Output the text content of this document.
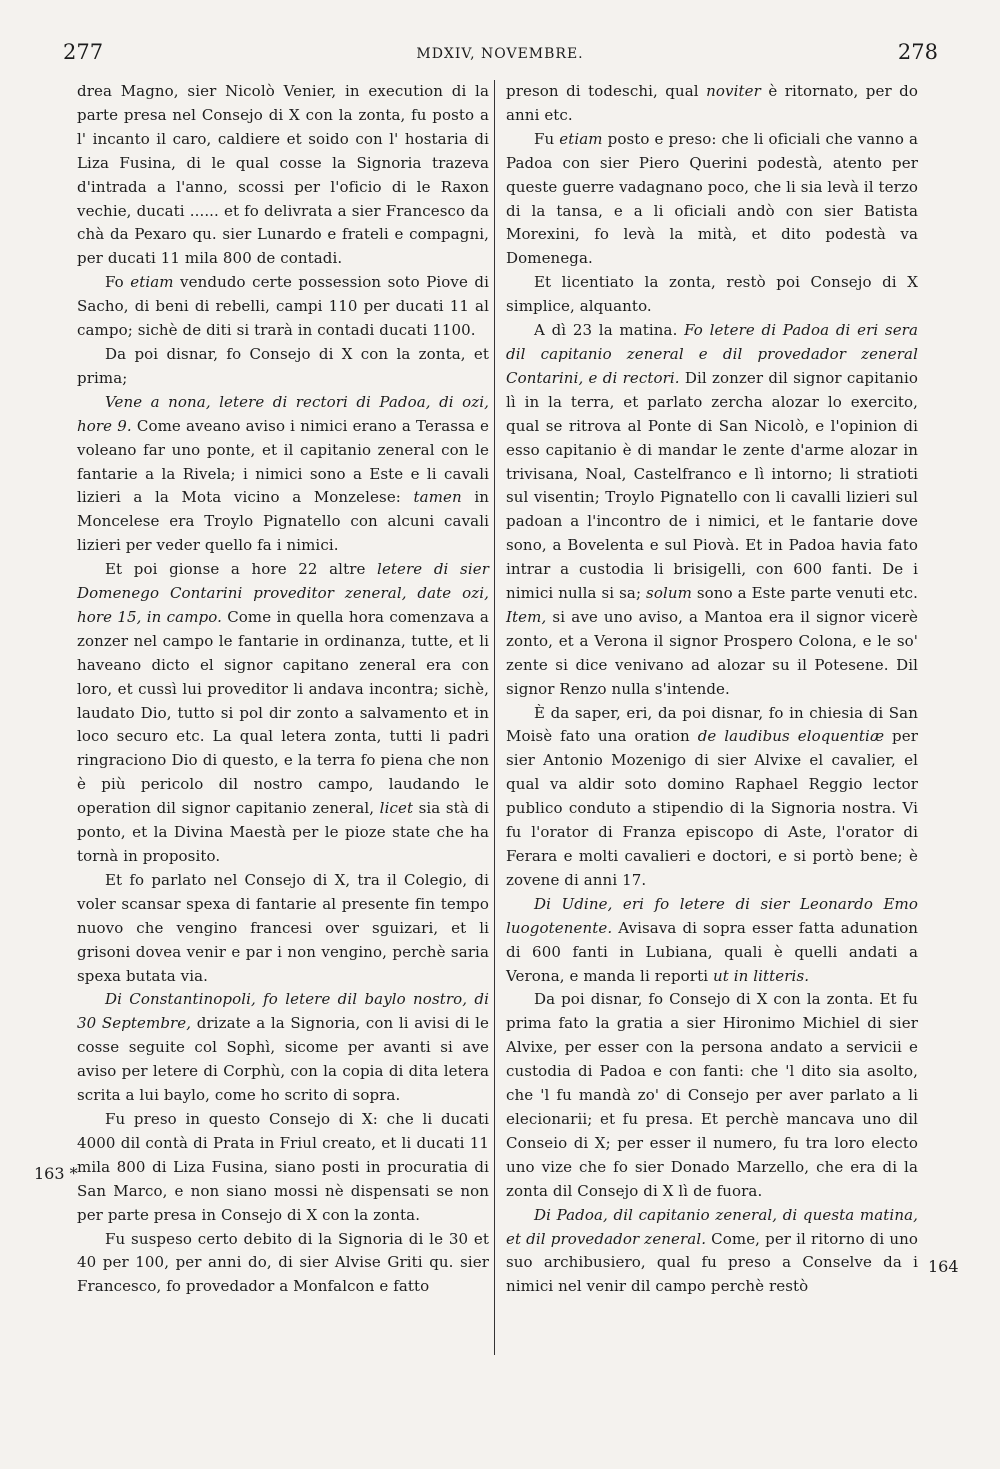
277	MDXIV, NOVEMBRE.	278

drea Magno, sier Nicolò Venier, in execution di la parte presa nel Consejo di X con la zonta, fu posto a l' incanto il caro, caldiere et soido con l' hostaria di Liza Fusina, di le qual cosse la Signoria trazeva d'intrada a l'anno, scossi per l'oficio di le Raxon vechie, ducati ...... et fo delivrata a sier Francesco da chà da Pexaro qu. sier Lunardo e frateli e compagni, per ducati 11 mila 800 de contadi.

Fo etiam vendudo certe possession soto Piove di Sacho, di beni di rebelli, campi 110 per ducati 11 al campo; sichè de diti si trarà in contadi ducati 1100.

Da poi disnar, fo Consejo di X con la zonta, et prima;

Vene a nona, letere di rectori di Padoa, di ozi, hore 9. Come aveano aviso i nimici erano a Terassa e voleano far uno ponte, et il capitanio zeneral con le fantarie a la Rivela; i nimici sono a Este e li cavali lizieri a la Mota vicino a Monzelese: tamen in Moncelese era Troylo Pignatello con alcuni cavali lizieri per veder quello fa i nimici.

Et poi gionse a hore 22 altre letere di sier Domenego Contarini proveditor zeneral, date ozi, hore 15, in campo. Come in quella hora comenzava a zonzer nel campo le fantarie in ordinanza, tutte, et li haveano dicto el signor capitano zeneral era con loro, et cussì lui proveditor li andava incontra; sichè, laudato Dio, tutto si pol dir zonto a salvamento et in loco securo etc. La qual letera zonta, tutti li padri ringraciono Dio di questo, e la terra fo piena che non è più pericolo dil nostro campo, laudando le operation dil signor capitanio zeneral, licet sia stà di ponto, et la Divina Maestà per le pioze state che ha tornà in proposito.

Et fo parlato nel Consejo di X, tra il Colegio, di voler scansar spexa di fantarie al presente fin tempo nuovo che vengino francesi over sguizari, et li grisoni dovea venir e par i non vengino, perchè saria spexa butata via.

Di Constantinopoli, fo letere dil baylo nostro, di 30 Septembre, drizate a la Signoria, con li avisi di le cosse seguite col Sophì, sicome per avanti si ave aviso per letere di Corphù, con la copia di dita letera scrita a lui baylo, come ho scrito di sopra.

Fu preso in questo Consejo di X: che li ducati 4000 dil contà di Prata in Friul creato, et li ducati 11 mila 800 di Liza Fusina, siano posti in procuratia di San Marco, e non siano mossi nè dispensati se non per parte presa in Consejo di X con la zonta.

Fu suspeso certo debito di la Signoria di le 30 et 40 per 100, per anni do, di sier Alvise Griti qu. sier Francesco, fo provedador a Monfalcon e fatto

preson di todeschi, qual noviter è ritornato, per do anni etc.

Fu etiam posto e preso: che li oficiali che vanno a Padoa con sier Piero Querini podestà, atento per queste guerre vadagnano poco, che li sia levà il terzo di la tansa, e a li oficiali andò con sier Batista Morexini, fo levà la mità, et dito podestà va Domenega.

Et licentiato la zonta, restò poi Consejo di X simplice, alquanto.

A dì 23 la matina. Fo letere di Padoa di eri sera dil capitanio zeneral e dil provedador zeneral Contarini, e di rectori. Dil zonzer dil signor capitanio lì in la terra, et parlato zercha alozar lo exercito, qual se ritrova al Ponte di San Nicolò, e l'opinion di esso capitanio è di mandar le zente d'arme alozar in trivisana, Noal, Castelfranco e lì intorno; li stratioti sul visentin; Troylo Pignatello con li cavalli lizieri sul padoan a l'incontro de i nimici, et le fantarie dove sono, a Bovelenta e sul Piovà. Et in Padoa havia fato intrar a custodia li brisigelli, con 600 fanti. De i nimici nulla si sa; solum sono a Este parte venuti etc. Item, si ave uno aviso, a Mantoa era il signor vicerè zonto, et a Verona il signor Prospero Colona, e le so' zente si dice venivano ad alozar su il Potesene. Dil signor Renzo nulla s'intende.

È da saper, eri, da poi disnar, fo in chiesia di San Moisè fato una oration de laudibus eloquentiæ per sier Antonio Mozenigo di sier Alvixe el cavalier, el qual va aldir soto domino Raphael Reggio lector publico conduto a stipendio di la Signoria nostra. Vi fu l'orator di Franza episcopo di Aste, l'orator di Ferara e molti cavalieri e doctori, e si portò bene; è zovene di anni 17.

Di Udine, eri fo letere di sier Leonardo Emo luogotenente. Avisava di sopra esser fatta adunation di 600 fanti in Lubiana, quali è quelli andati a Verona, e manda li reporti ut in litteris.

Da poi disnar, fo Consejo di X con la zonta. Et fu prima fato la gratia a sier Hironimo Michiel di sier Alvixe, per esser con la persona andato a servicii e custodia di Padoa e con fanti: che 'l dito sia asolto, che 'l fu mandà zo' di Consejo per aver parlato a li elecionarii; et fu presa. Et perchè mancava uno dil Conseio di X; per esser il numero, fu tra loro electo uno vize che fo sier Donado Marzello, che era di la zonta dil Consejo di X lì de fuora.

Di Padoa, dil capitanio zeneral, di questa matina, et dil provedador zeneral. Come, per il ritorno di uno suo archibusiero, qual fu preso a Conselve da i nimici nel venir dil campo perchè restò

163 *
164
